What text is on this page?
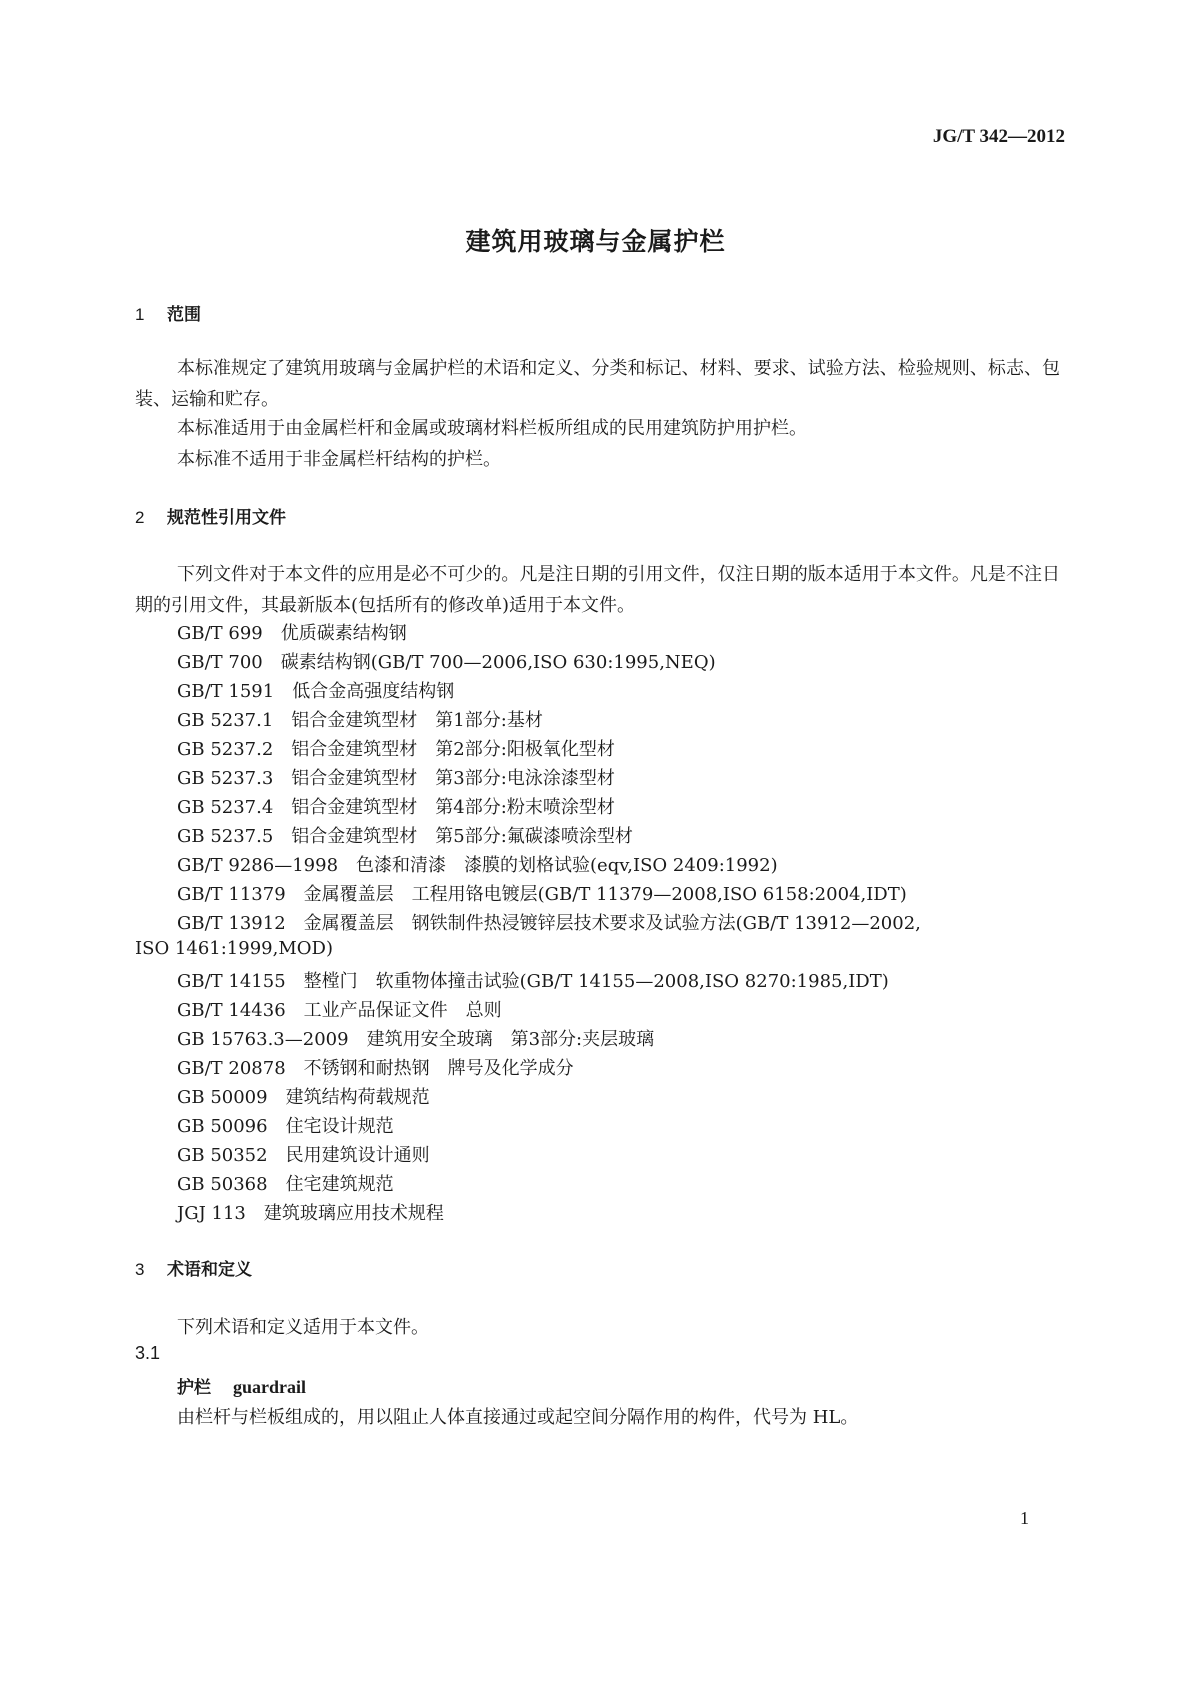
JG/T 342—2012
建筑用玻璃与金属护栏
1 范围
本标准规定了建筑用玻璃与金属护栏的术语和定义、分类和标记、材料、要求、试验方法、检验规则、标志、包装、运输和贮存。
本标准适用于由金属栏杆和金属或玻璃材料栏板所组成的民用建筑防护用护栏。
本标准不适用于非金属栏杆结构的护栏。
2 规范性引用文件
下列文件对于本文件的应用是必不可少的。凡是注日期的引用文件，仅注日期的版本适用于本文件。凡是不注日期的引用文件，其最新版本(包括所有的修改单)适用于本文件。
GB/T 699　优质碳素结构钢
GB/T 700　碳素结构钢(GB/T 700—2006,ISO 630:1995,NEQ)
GB/T 1591　低合金高强度结构钢
GB 5237.1　铝合金建筑型材　第1部分:基材
GB 5237.2　铝合金建筑型材　第2部分:阳极氧化型材
GB 5237.3　铝合金建筑型材　第3部分:电泳涂漆型材
GB 5237.4　铝合金建筑型材　第4部分:粉末喷涂型材
GB 5237.5　铝合金建筑型材　第5部分:氟碳漆喷涂型材
GB/T 9286—1998　色漆和清漆　漆膜的划格试验(eqv,ISO 2409:1992)
GB/T 11379　金属覆盖层　工程用铬电镀层(GB/T 11379—2008,ISO 6158:2004,IDT)
GB/T 13912　金属覆盖层　钢铁制件热浸镀锌层技术要求及试验方法(GB/T 13912—2002,
ISO 1461:1999,MOD)
GB/T 14155　整樘门　软重物体撞击试验(GB/T 14155—2008,ISO 8270:1985,IDT)
GB/T 14436　工业产品保证文件　总则
GB 15763.3—2009　建筑用安全玻璃　第3部分:夹层玻璃
GB/T 20878　不锈钢和耐热钢　牌号及化学成分
GB 50009　建筑结构荷载规范
GB 50096　住宅设计规范
GB 50352　民用建筑设计通则
GB 50368　住宅建筑规范
JGJ 113　建筑玻璃应用技术规程
3 术语和定义
下列术语和定义适用于本文件。
3.1
护栏 guardrail
由栏杆与栏板组成的，用以阻止人体直接通过或起空间分隔作用的构件，代号为 HL。
1
